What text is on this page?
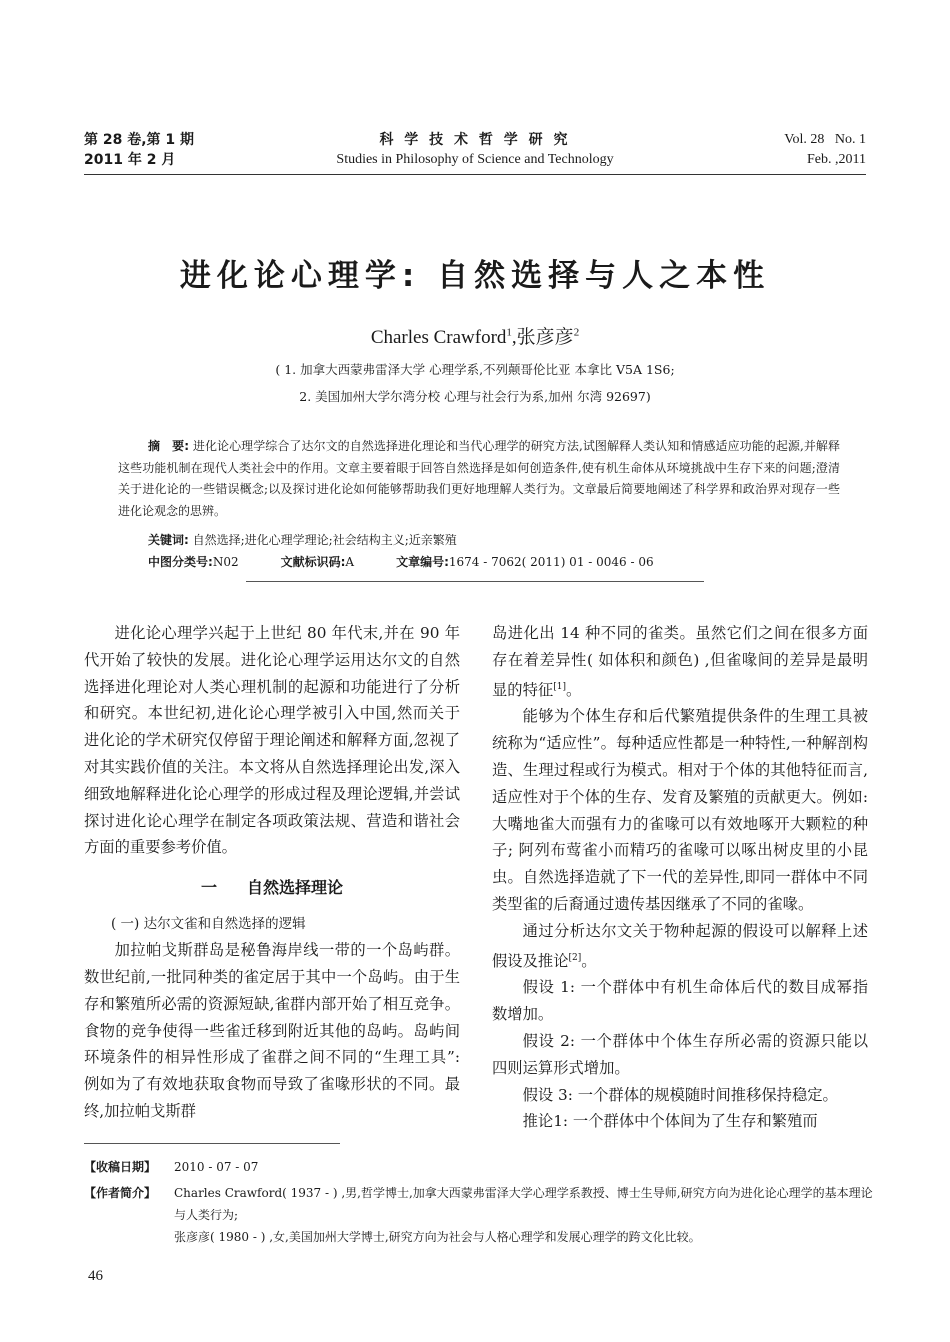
第 28 卷,第 1 期
2011 年 2 月
科 学 技 术 哲 学 研 究
Studies in Philosophy of Science and Technology
Vol. 28   No. 1
Feb. ,2011
进化论心理学: 自然选择与人之本性
Charles Crawford$^1$,张彦彦$^2$
( 1. 加拿大西蒙弗雷泽大学 心理学系,不列颠哥伦比亚 本拿比 V5A 1S6;
2. 美国加州大学尔湾分校 心理与社会行为系,加州 尔湾 92697)
摘　要: 进化论心理学综合了达尔文的自然选择进化理论和当代心理学的研究方法,试图解释人类认知和情感适应功能的起源,并解释这些功能机制在现代人类社会中的作用。文章主要着眼于回答自然选择是如何创造条件,使有机生命体从环境挑战中生存下来的问题;澄清关于进化论的一些错误概念;以及探讨进化论如何能够帮助我们更好地理解人类行为。文章最后简要地阐述了科学界和政治界对现存一些进化论观念的思辨。
关键词: 自然选择;进化心理学理论;社会结构主义;近亲繁殖
中图分类号:N02	文献标识码:A	文章编号:1674 - 7062( 2011) 01 - 0046 - 06

进化论心理学兴起于上世纪 80 年代末,并在 90 年代开始了较快的发展。进化论心理学运用达尔文的自然选择进化理论对人类心理机制的起源和功能进行了分析和研究。本世纪初,进化论心理学被引入中国,然而关于进化论的学术研究仅停留于理论阐述和解释方面,忽视了对其实践价值的关注。本文将从自然选择理论出发,深入细致地解释进化论心理学的形成过程及理论逻辑,并尝试探讨进化论心理学在制定各项政策法规、营造和谐社会方面的重要参考价值。

一 自然选择理论
( 一) 达尔文雀和自然选择的逻辑

加拉帕戈斯群岛是秘鲁海岸线一带的一个岛屿群。数世纪前,一批同种类的雀定居于其中一个岛屿。由于生存和繁殖所必需的资源短缺,雀群内部开始了相互竞争。食物的竞争使得一些雀迁移到附近其他的岛屿。岛屿间环境条件的相异性形成了雀群之间不同的“生理工具”: 例如为了有效地获取食物而导致了雀喙形状的不同。最终,加拉帕戈斯群

岛进化出 14 种不同的雀类。虽然它们之间在很多方面存在着差异性( 如体积和颜色) ,但雀喙间的差异是最明显的特征[1]。

能够为个体生存和后代繁殖提供条件的生理工具被统称为“适应性”。每种适应性都是一种特性,一种解剖构造、生理过程或行为模式。相对于个体的其他特征而言,适应性对于个体的生存、发育及繁殖的贡献更大。例如: 大嘴地雀大而强有力的雀喙可以有效地啄开大颗粒的种子; 阿列布莺雀小而精巧的雀喙可以啄出树皮里的小昆虫。自然选择造就了下一代的差异性,即同一群体中不同类型雀的后裔通过遗传基因继承了不同的雀喙。

通过分析达尔文关于物种起源的假设可以解释上述假设及推论[2]。

假设 1: 一个群体中有机生命体后代的数目成幂指数增加。

假设 2: 一个群体中个体生存所必需的资源只能以四则运算形式增加。

假设 3: 一个群体的规模随时间推移保持稳定。

推论1: 一个群体中个体间为了生存和繁殖而

【收稿日期】 2010 - 07 - 07
【作者简介】 Charles Crawford( 1937 - ) ,男,哲学博士,加拿大西蒙弗雷泽大学心理学系教授、博士生导师,研究方向为进化论心理学的基本理论与人类行为;
张彦彦( 1980 - ) ,女,美国加州大学博士,研究方向为社会与人格心理学和发展心理学的跨文化比较。
46
